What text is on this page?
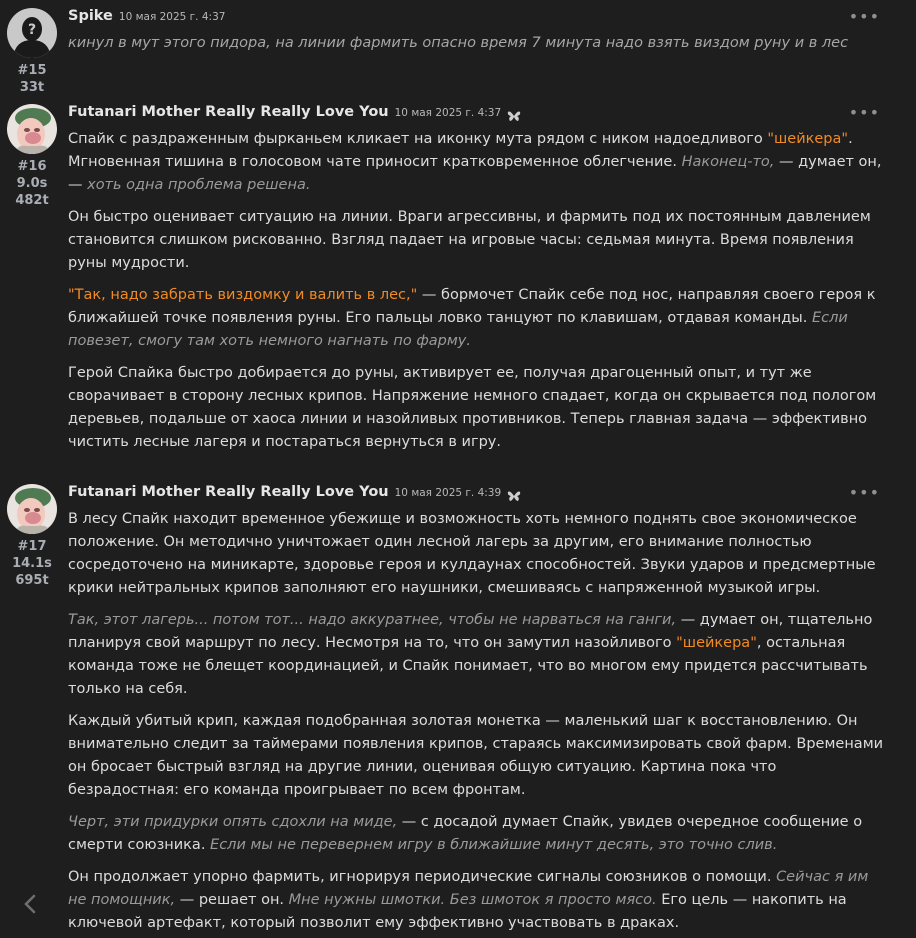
?
#15
33t
Spike 10 мая 2025 г. 4:37	•••

кинул в мут этого пидора, на линии фармить опасно время 7 минута надо взять виздом руну и в лес

#16
9.0s
482t
Futanari Mother Really Really Love You 10 мая 2025 г. 4:37	•••

Спайк с раздраженным фырканьем кликает на иконку мута рядом с ником надоедливого "шейкера". Мгновенная тишина в голосовом чате приносит кратковременное облегчение. Наконец-то, — думает он, — хоть одна проблема решена.

Он быстро оценивает ситуацию на линии. Враги агрессивны, и фармить под их постоянным давлением становится слишком рискованно. Взгляд падает на игровые часы: седьмая минута. Время появления руны мудрости.

"Так, надо забрать виздомку и валить в лес," — бормочет Спайк себе под нос, направляя своего героя к ближайшей точке появления руны. Его пальцы ловко танцуют по клавишам, отдавая команды. Если повезет, смогу там хоть немного нагнать по фарму.

Герой Спайка быстро добирается до руны, активирует ее, получая драгоценный опыт, и тут же сворачивает в сторону лесных крипов. Напряжение немного спадает, когда он скрывается под пологом деревьев, подальше от хаоса линии и назойливых противников. Теперь главная задача — эффективно чистить лесные лагеря и постараться вернуться в игру.

#17
14.1s
695t
Futanari Mother Really Really Love You 10 мая 2025 г. 4:39	•••

В лесу Спайк находит временное убежище и возможность хоть немного поднять свое экономическое положение. Он методично уничтожает один лесной лагерь за другим, его внимание полностью сосредоточено на миникарте, здоровье героя и кулдаунах способностей. Звуки ударов и предсмертные крики нейтральных крипов заполняют его наушники, смешиваясь с напряженной музыкой игры.

Так, этот лагерь... потом тот... надо аккуратнее, чтобы не нарваться на ганги, — думает он, тщательно планируя свой маршрут по лесу. Несмотря на то, что он замутил назойливого "шейкера", остальная команда тоже не блещет координацией, и Спайк понимает, что во многом ему придется рассчитывать только на себя.

Каждый убитый крип, каждая подобранная золотая монетка — маленький шаг к восстановлению. Он внимательно следит за таймерами появления крипов, стараясь максимизировать свой фарм. Временами он бросает быстрый взгляд на другие линии, оценивая общую ситуацию. Картина пока что безрадостная: его команда проигрывает по всем фронтам.

Черт, эти придурки опять сдохли на миде, — с досадой думает Спайк, увидев очередное сообщение о смерти союзника. Если мы не перевернем игру в ближайшие минут десять, это точно слив.

Он продолжает упорно фармить, игнорируя периодические сигналы союзников о помощи. Сейчас я им не помощник, — решает он. Мне нужны шмотки. Без шмоток я просто мясо. Его цель — накопить на ключевой артефакт, который позволит ему эффективно участвовать в драках.
